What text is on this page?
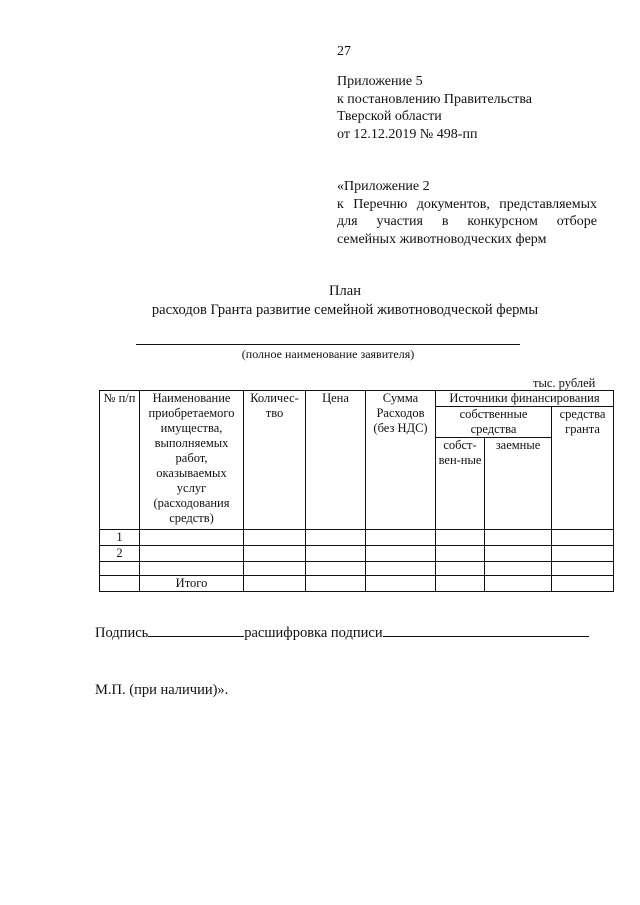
27
Приложение 5
к постановлению Правительства
Тверской области
от 12.12.2019 № 498-пп
«Приложение 2
к Перечню документов, представляемых
для участия в конкурсном отборе
семейных животноводческих ферм
План
расходов Гранта развитие семейной животноводческой фермы
(полное наименование заявителя)
тыс. рублей
№ п/п	Наименование приобретаемого имущества, выполняемых работ, оказываемых услуг (расходования средств)	Количес-тво	Цена	Сумма Расходов (без НДС)	Источники финансирования		
					собственные средства		средства гранта
					собст-вен-ные	заемные	
1							
2							

	Итого						
Подпись	расшифровка подписи
М.П. (при наличии)».
